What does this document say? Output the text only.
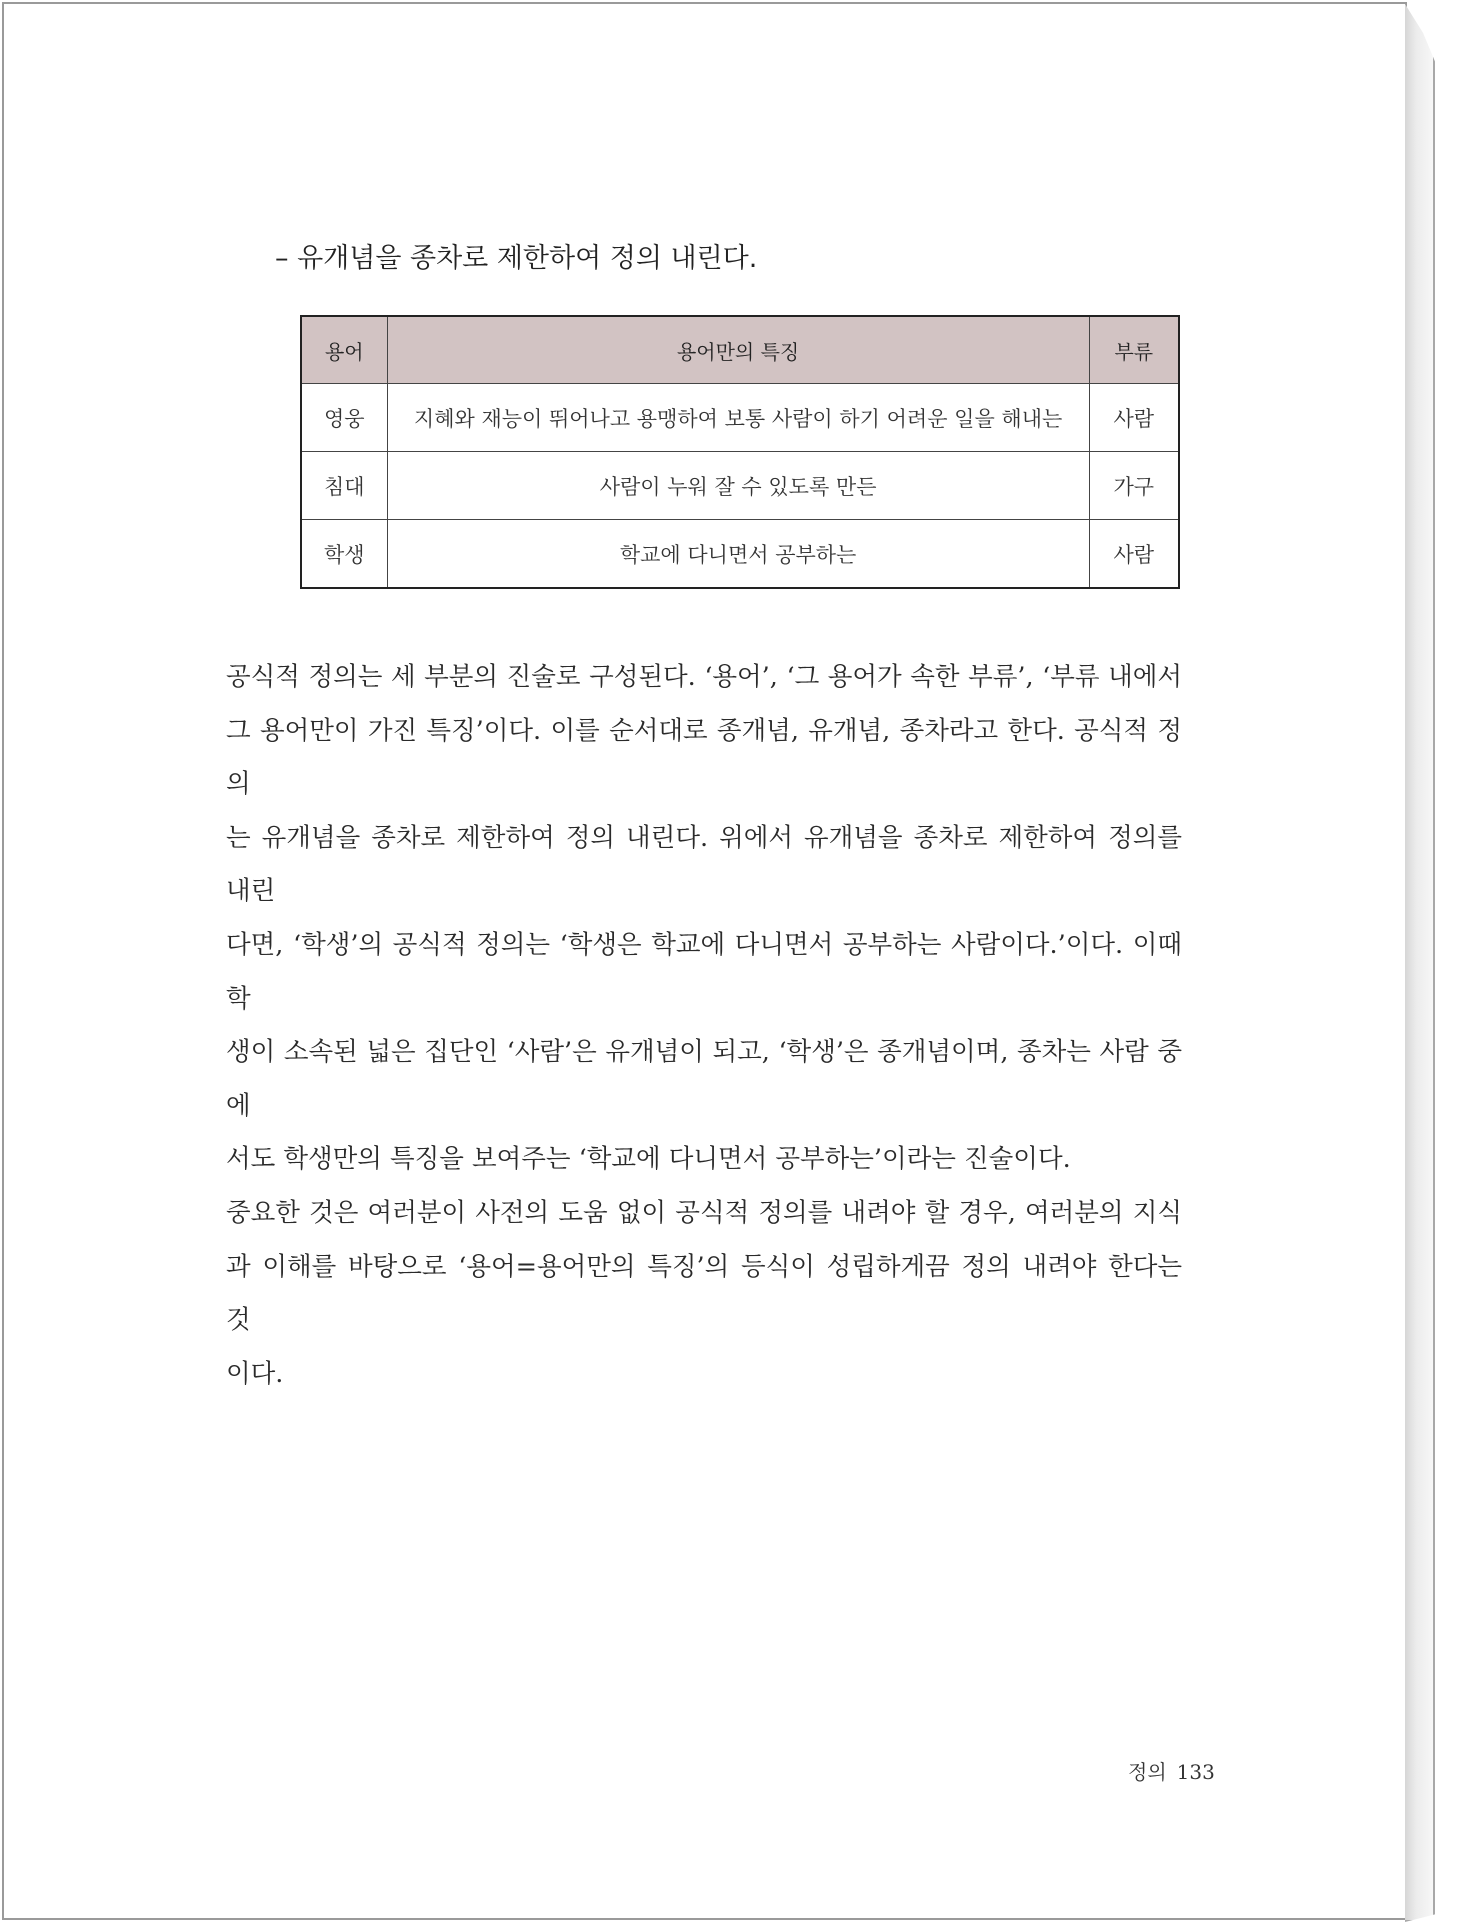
– 유개념을 종차로 제한하여 정의 내린다.
용어	용어만의 특징	부류
영웅	지혜와 재능이 뛰어나고 용맹하여 보통 사람이 하기 어려운 일을 해내는	사람
침대	사람이 누워 잘 수 있도록 만든	가구
학생	학교에 다니면서 공부하는	사람
공식적 정의는 세 부분의 진술로 구성된다. ‘용어’, ‘그 용어가 속한 부류’, ‘부류 내에서
그 용어만이 가진 특징’이다. 이를 순서대로 종개념, 유개념, 종차라고 한다. 공식적 정의
는 유개념을 종차로 제한하여 정의 내린다. 위에서 유개념을 종차로 제한하여 정의를 내린
다면, ‘학생’의 공식적 정의는 ‘학생은 학교에 다니면서 공부하는 사람이다.’이다. 이때 학
생이 소속된 넓은 집단인 ‘사람’은 유개념이 되고, ‘학생’은 종개념이며, 종차는 사람 중에
서도 학생만의 특징을 보여주는 ‘학교에 다니면서 공부하는’이라는 진술이다.
중요한 것은 여러분이 사전의 도움 없이 공식적 정의를 내려야 할 경우, 여러분의 지식
과 이해를 바탕으로 ‘용어=용어만의 특징’의 등식이 성립하게끔 정의 내려야 한다는 것
이다.
정의 133
